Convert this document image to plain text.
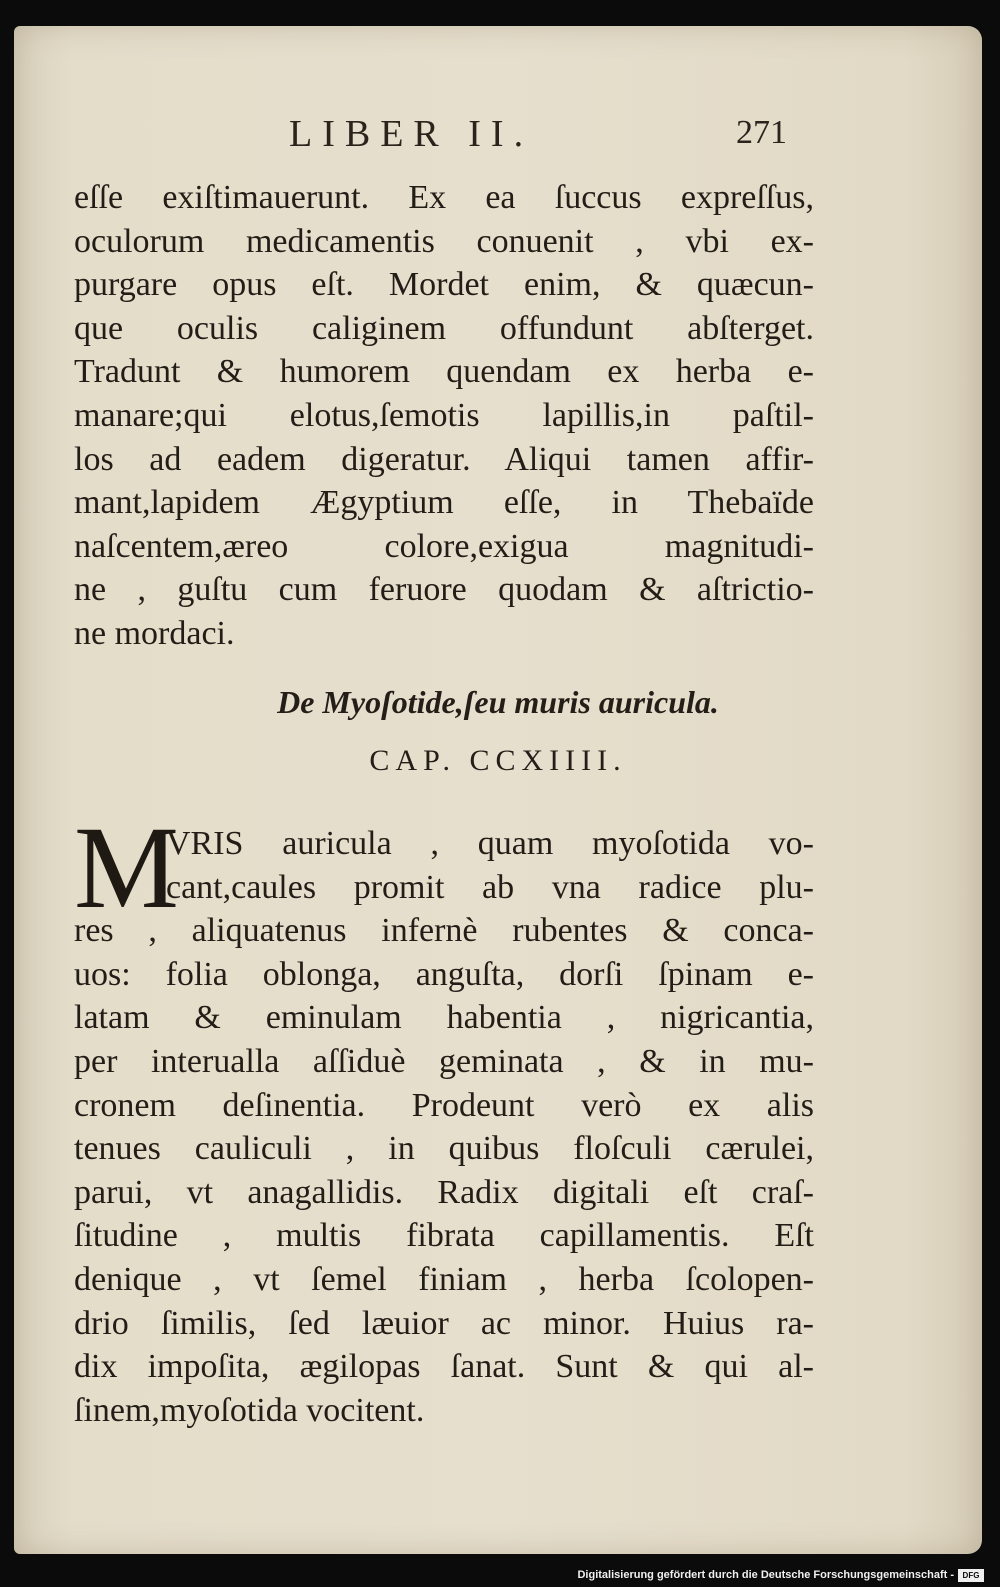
LIBER II.	271
eſſe exiſtimauerunt. Ex ea ſuccus expreſſus,
oculorum medicamentis conuenit , vbi ex-
purgare opus eſt. Mordet enim, & quæcun-
que oculis caliginem offundunt abſterget.
Tradunt & humorem quendam ex herba e-
manare;qui elotus,ſemotis lapillis,in paſtil-
los ad eadem digeratur. Aliqui tamen affir-
mant,lapidem Ægyptium eſſe, in Thebaïde
naſcentem,æreo colore,exigua magnitudi-
ne , guſtu cum feruore quodam & aſtrictio-
ne mordaci.
De Myoſotide,ſeu muris auricula.
CAP. CCXIIII.
M
VRIS auricula , quam myoſotida vo-
cant,caules promit ab vna radice plu-
res , aliquatenus infernè rubentes & conca-
uos: folia oblonga, anguſta, dorſi ſpinam e-
latam & eminulam habentia , nigricantia,
per interualla aſſiduè geminata , & in mu-
cronem deſinentia. Prodeunt verò ex alis
tenues cauliculi , in quibus floſculi cærulei,
parui, vt anagallidis. Radix digitali eſt craſ-
ſitudine , multis fibrata capillamentis. Eſt
denique , vt ſemel finiam , herba ſcolopen-
drio ſimilis, ſed læuior ac minor. Huius ra-
dix impoſita, ægilopas ſanat. Sunt & qui al-
ſinem,myoſotida vocitent.
Digitalisierung gefördert durch die Deutsche Forschungsgemeinschaft -	DFG
